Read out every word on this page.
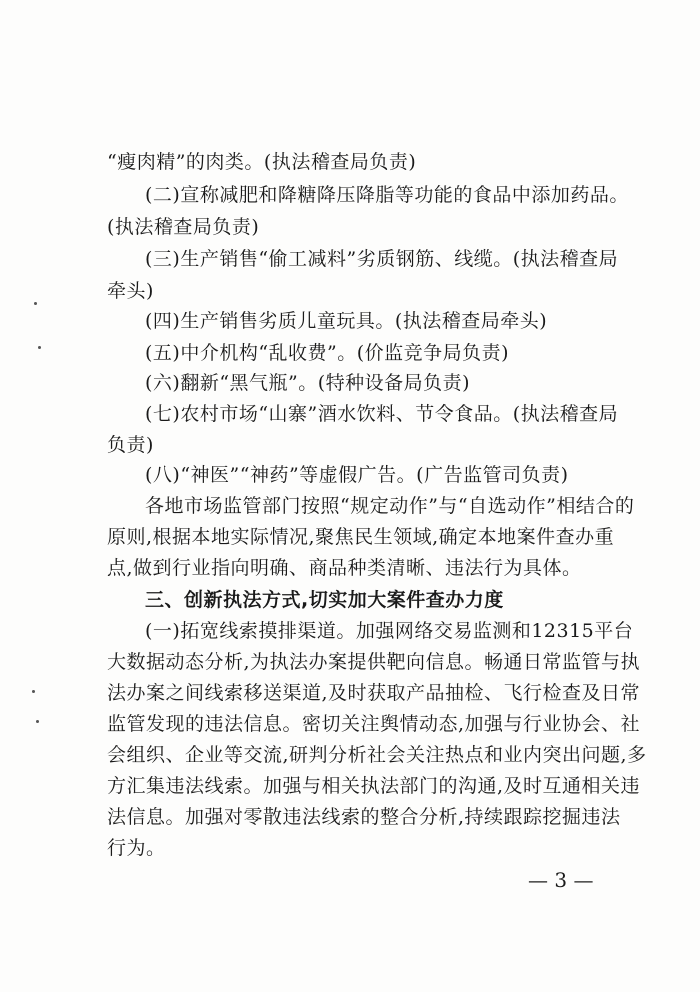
“瘦肉精”的肉类。(执法稽查局负责)
(二)宣称减肥和降糖降压降脂等功能的食品中添加药品。
(执法稽查局负责)
(三)生产销售“偷工减料”劣质钢筋、线缆。(执法稽查局
牵头)
(四)生产销售劣质儿童玩具。(执法稽查局牵头)
(五)中介机构“乱收费”。(价监竞争局负责)
(六)翻新“黑气瓶”。(特种设备局负责)
(七)农村市场“山寨”酒水饮料、节令食品。(执法稽查局
负责)
(八)“神医”“神药”等虚假广告。(广告监管司负责)
各地市场监管部门按照“规定动作”与“自选动作”相结合的
原则,根据本地实际情况,聚焦民生领域,确定本地案件查办重
点,做到行业指向明确、商品种类清晰、违法行为具体。
三、创新执法方式,切实加大案件查办力度
(一)拓宽线索摸排渠道。加强网络交易监测和12315平台
大数据动态分析,为执法办案提供靶向信息。畅通日常监管与执
法办案之间线索移送渠道,及时获取产品抽检、飞行检查及日常
监管发现的违法信息。密切关注舆情动态,加强与行业协会、社
会组织、企业等交流,研判分析社会关注热点和业内突出问题,多
方汇集违法线索。加强与相关执法部门的沟通,及时互通相关违
法信息。加强对零散违法线索的整合分析,持续跟踪挖掘违法
行为。
— 3 —
